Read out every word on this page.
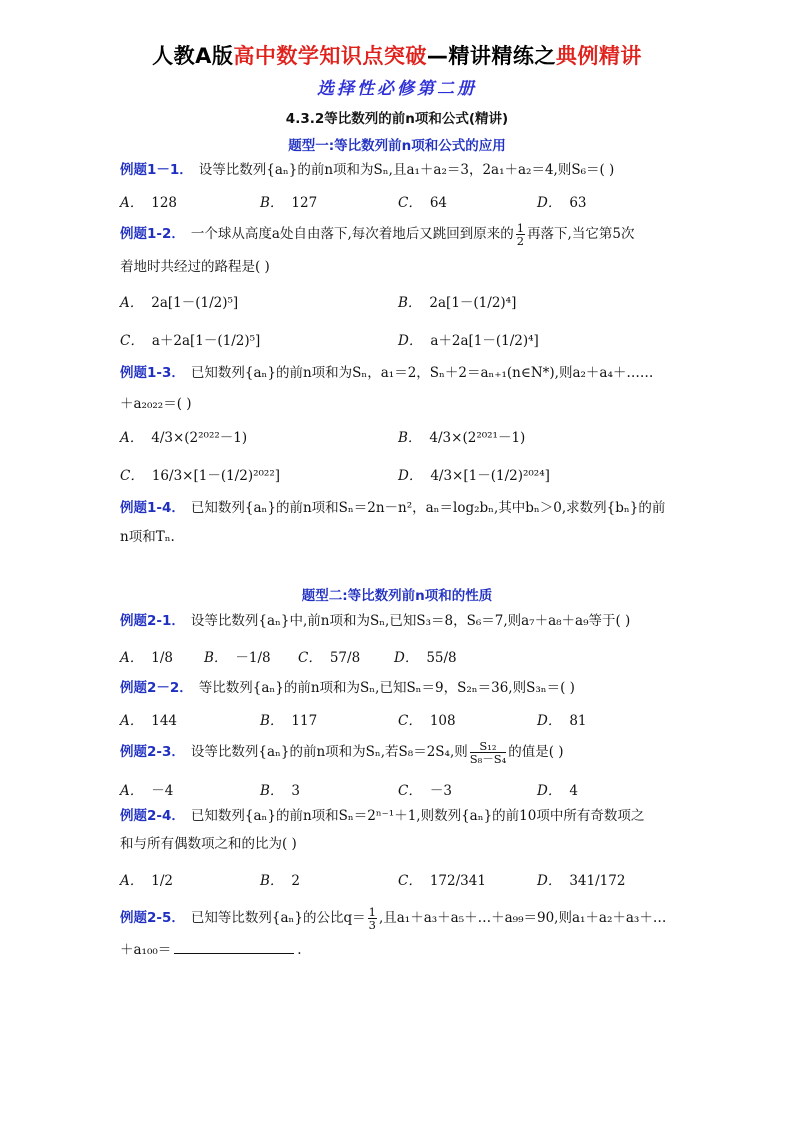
人教A版高中数学知识点突破—精讲精练之典例精讲
选择性必修第二册
4.3.2等比数列的前n项和公式(精讲)
题型一:等比数列前n项和公式的应用
例题1－1． 设等比数列{aₙ}的前n项和为Sₙ,且a₁＋a₂＝3，2a₁＋a₂＝4,则S₆＝( )
A． 128	B． 127	C． 64	D． 63
例题1-2． 一个球从高度a处自由落下,每次着地后又跳回到原来的 $\frac{1}{2}$ 再落下,当它第5次
着地时共经过的路程是( )
A． 2a[1－(1/2)⁵]	B． 2a[1－(1/2)⁴]
C． a＋2a[1－(1/2)⁵]	D． a＋2a[1－(1/2)⁴]
例题1-3． 已知数列{aₙ}的前n项和为Sₙ，a₁＝2，Sₙ＋2＝aₙ₊₁(n∈N*),则a₂＋a₄＋……
＋a₂₀₂₂＝( )
A． 4/3×(2²⁰²²－1)	B． 4/3×(2²⁰²¹－1)
C． 16/3×[1－(1/2)²⁰²²]	D． 4/3×[1－(1/2)²⁰²⁴]
例题1-4． 已知数列{aₙ}的前n项和Sₙ＝2n－n²，aₙ＝log₂bₙ,其中bₙ＞0,求数列{bₙ}的前
n项和Tₙ.
题型二:等比数列前n项和的性质
例题2-1． 设等比数列{aₙ}中,前n项和为Sₙ,已知S₃＝8，S₆＝7,则a₇＋a₈＋a₉等于( )
A． 1/8 B． －1/8 C． 57/8	D． 55/8
例题2－2． 等比数列{aₙ}的前n项和为Sₙ,已知Sₙ＝9，S₂ₙ＝36,则S₃ₙ＝( )
A． 144	B． 117	C． 108	D． 81
例题2-3． 设等比数列{aₙ}的前n项和为Sₙ,若S₈＝2S₄,则 $\frac{\text{S₁₂}}{\text{S₈－S₄}}$ 的值是( )
A． －4	B． 3	C． －3	D． 4
例题2-4． 已知数列{aₙ}的前n项和Sₙ＝2ⁿ⁻¹＋1,则数列{aₙ}的前10项中所有奇数项之
和与所有偶数项之和的比为( )
A． 1/2	B． 2	C． 172/341	D． 341/172
例题2-5． 已知等比数列{aₙ}的公比$q= \frac{1}{3}$ ,且a₁＋a₃＋a₅＋…＋a₉₉＝90,则a₁＋a₂＋a₃＋…
＋a₁₀₀＝	.
